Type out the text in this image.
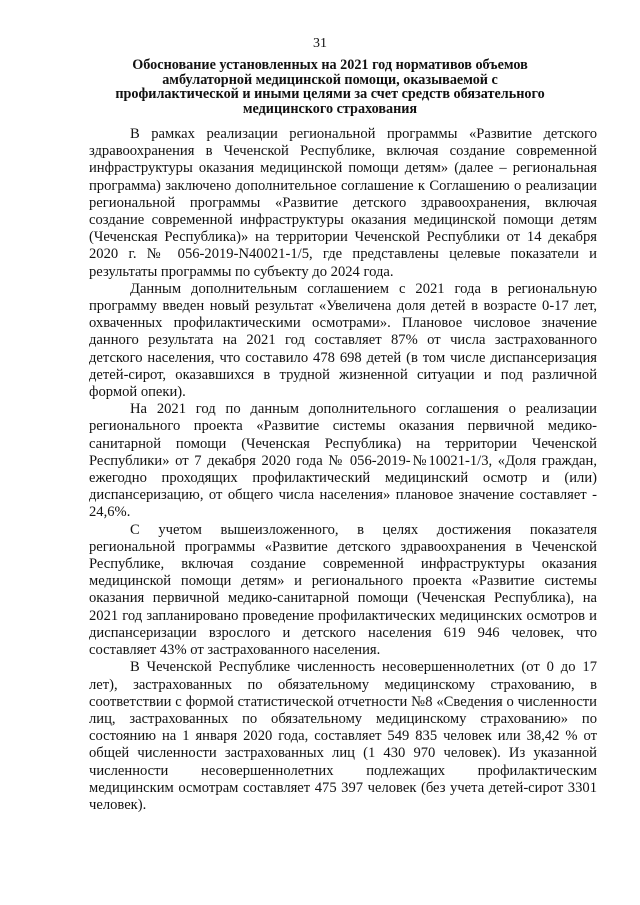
31
Обоснование установленных на 2021 год нормативов объемов амбулаторной медицинской помощи, оказываемой с профилактической и иными целями за счет средств обязательного медицинского страхования

В рамках реализации региональной программы «Развитие детского здравоохранения в Чеченской Республике, включая создание современной инфраструктуры оказания медицинской помощи детям» (далее – региональная программа) заключено дополнительное соглашение к Соглашению о реализации региональной программы «Развитие детского здравоохранения, включая создание современной инфраструктуры оказания медицинской помощи детям (Чеченская Республика)» на территории Чеченской Республики от 14 декабря 2020 г. № 056-2019-N40021-1/5, где представлены целевые показатели и результаты программы по субъекту до 2024 года.

Данным дополнительным соглашением с 2021 года в региональную программу введен новый результат «Увеличена доля детей в возрасте 0-17 лет, охваченных профилактическими осмотрами». Плановое числовое значение данного результата на 2021 год составляет 87% от числа застрахованного детского населения, что составило 478 698 детей (в том числе диспансеризация детей-сирот, оказавшихся в трудной жизненной ситуации и под различной формой опеки).

На 2021 год по данным дополнительного соглашения о реализации регионального проекта «Развитие системы оказания первичной медико-санитарной помощи (Чеченская Республика) на территории Чеченской Республики» от 7 декабря 2020 года № 056-2019-№10021-1/3, «Доля граждан, ежегодно проходящих профилактический медицинский осмотр и (или) диспансеризацию, от общего числа населения» плановое значение составляет - 24,6%.

С учетом вышеизложенного, в целях достижения показателя региональной программы «Развитие детского здравоохранения в Чеченской Республике, включая создание современной инфраструктуры оказания медицинской помощи детям» и регионального проекта «Развитие системы оказания первичной медико-санитарной помощи (Чеченская Республика), на 2021 год запланировано проведение профилактических медицинских осмотров и диспансеризации взрослого и детского населения 619 946 человек, что составляет 43% от застрахованного населения.

В Чеченской Республике численность несовершеннолетних (от 0 до 17 лет), застрахованных по обязательному медицинскому страхованию, в соответствии с формой статистической отчетности №8 «Сведения о численности лиц, застрахованных по обязательному медицинскому страхованию» по состоянию на 1 января 2020 года, составляет 549 835 человек или 38,42 % от общей численности застрахованных лиц (1 430 970 человек). Из указанной численности несовершеннолетних подлежащих профилактическим медицинским осмотрам составляет 475 397 человек (без учета детей-сирот 3301 человек).
